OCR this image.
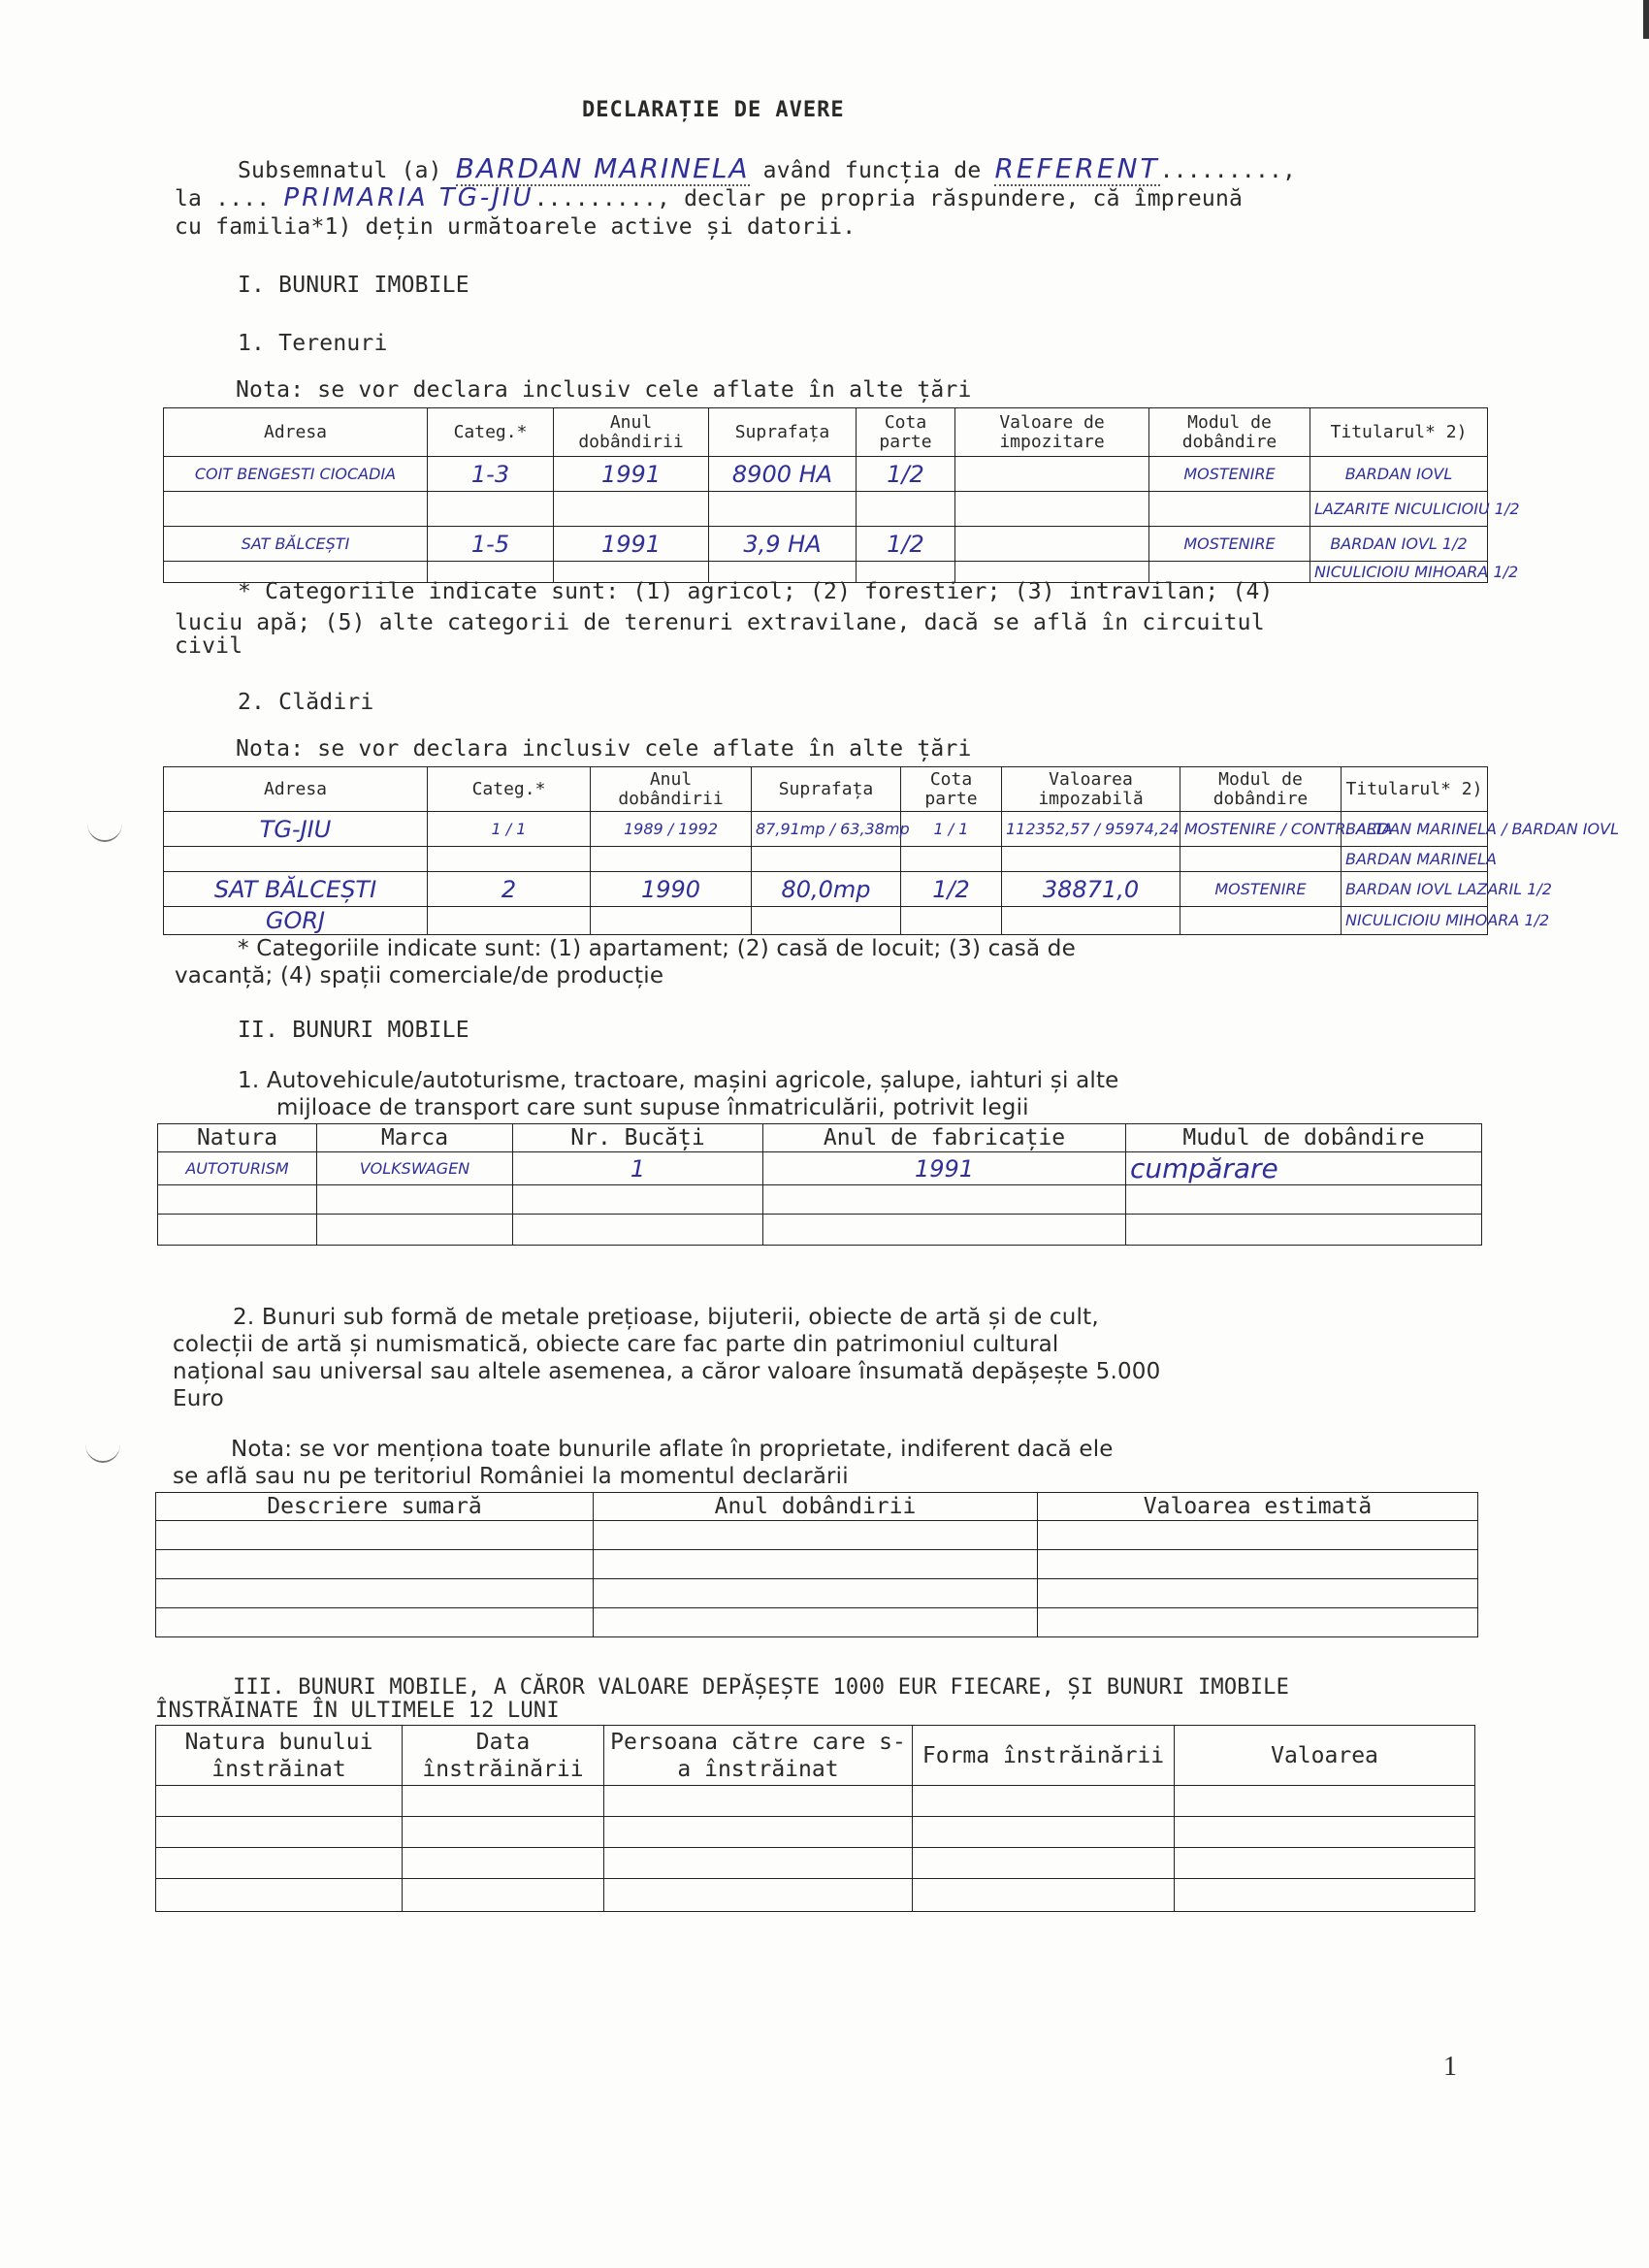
DECLARAȚIE DE AVERE
Subsemnatul (a) BARDAN MARINELA având funcția de REFERENT.........,
la .... PRIMARIA TG-JIU........., declar pe propria răspundere, că împreună
cu familia*1) dețin următoarele active și datorii.
I. BUNURI IMOBILE
1. Terenuri
Nota: se vor declara inclusiv cele aflate în alte țări
Adresa	Categ.*	Anul dobândirii	Suprafața	Cota parte	Valoare de impozitare	Modul de dobândire	Titularul* 2)
COIT BENGESTI CIOCADIA	1-3	1991	8900 HA	1/2		MOSTENIRE	BARDAN IOVL
							LAZARITE NICULICIOIU 1/2
SAT BĂLCEȘTI	1-5	1991	3,9 HA	1/2		MOSTENIRE	BARDAN IOVL 1/2
							NICULICIOIU MIHOARA 1/2
* Categoriile indicate sunt: (1) agricol; (2) forestier; (3) intravilan; (4)
luciu apă; (5) alte categorii de terenuri extravilane, dacă se află în circuitul
civil
2. Clădiri
Nota: se vor declara inclusiv cele aflate în alte țări
Adresa	Categ.*	Anul dobândirii	Suprafața	Cota parte	Valoarea impozabilă	Modul de dobândire	Titularul* 2)
TG-JIU	1 / 1	1989 / 1992	87,91mp / 63,38mp	1 / 1	112352,57 / 95974,24	MOSTENIRE / CONTR. ALTA	BARDAN MARINELA / BARDAN IOVL
							BARDAN MARINELA
SAT BĂLCEȘTI	2	1990	80,0mp	1/2	38871,0	MOSTENIRE	BARDAN IOVL LAZARIL 1/2
GORJ							NICULICIOIU MIHOARA 1/2
* Categoriile indicate sunt: (1) apartament; (2) casă de locuit; (3) casă de
vacanță; (4) spații comerciale/de producție
II. BUNURI MOBILE
1. Autovehicule/autoturisme, tractoare, mașini agricole, șalupe, iahturi și alte
mijloace de transport care sunt supuse înmatriculării, potrivit legii
Natura	Marca	Nr. Bucăți	Anul de fabricație	Mudul de dobândire
AUTOTURISM	VOLKSWAGEN	1	1991	cumpărare

2. Bunuri sub formă de metale prețioase, bijuterii, obiecte de artă și de cult,
colecții de artă și numismatică, obiecte care fac parte din patrimoniul cultural
național sau universal sau altele asemenea, a căror valoare însumată depășește 5.000
Euro
Nota: se vor menționa toate bunurile aflate în proprietate, indiferent dacă ele
se află sau nu pe teritoriul României la momentul declarării
Descriere sumară	Anul dobândirii	Valoarea estimată

III. BUNURI MOBILE, A CĂROR VALOARE DEPĂȘEȘTE 1000 EUR FIECARE, ȘI BUNURI IMOBILE
ÎNSTRĂINATE ÎN ULTIMELE 12 LUNI
Natura bunului înstrăinat	Data înstrăinării	Persoana către care s-a înstrăinat	Forma înstrăinării	Valoarea

1
